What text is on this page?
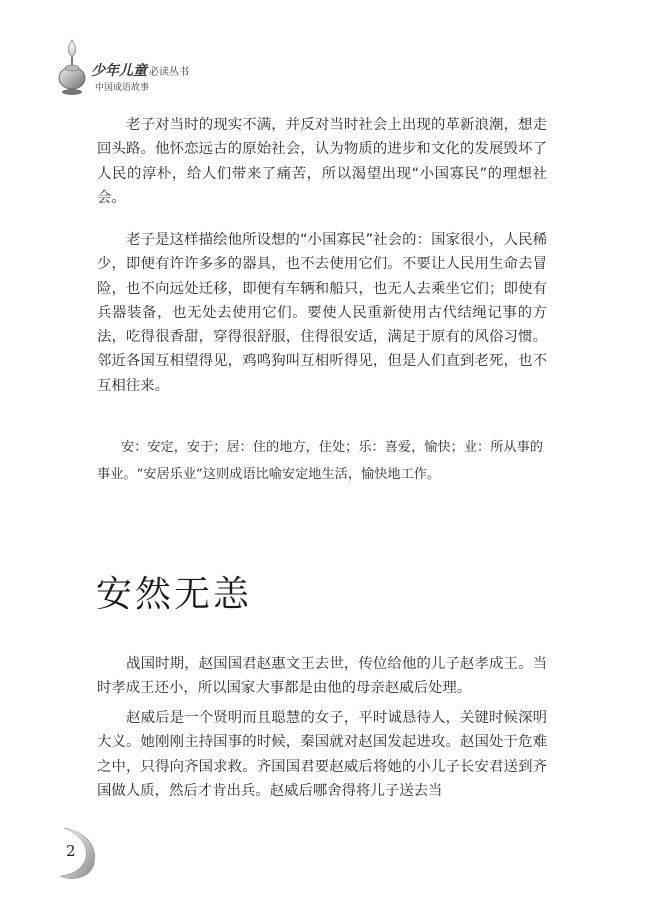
少年儿童 必读丛书
中国成语故事

老子对当时的现实不满，并反对当时社会上出现的革新浪潮，想走回头路。他怀恋远古的原始社会，认为物质的进步和文化的发展毁坏了人民的淳朴，给人们带来了痛苦，所以渴望出现“小国寡民”的理想社会。

老子是这样描绘他所设想的“小国寡民”社会的：国家很小，人民稀少，即便有许许多多的器具，也不去使用它们。不要让人民用生命去冒险，也不向远处迁移，即便有车辆和船只，也无人去乘坐它们；即使有兵器装备，也无处去使用它们。要使人民重新使用古代结绳记事的方法，吃得很香甜，穿得很舒服，住得很安适，满足于原有的风俗习惯。邻近各国互相望得见，鸡鸣狗叫互相听得见，但是人们直到老死，也不互相往来。

安：安定，安于；居：住的地方，住处；乐：喜爱，愉快；业：所从事的事业。“安居乐业”这则成语比喻安定地生活，愉快地工作。

安然无恙

战国时期，赵国国君赵惠文王去世，传位给他的儿子赵孝成王。当时孝成王还小，所以国家大事都是由他的母亲赵威后处理。

赵威后是一个贤明而且聪慧的女子，平时诚恳待人，关键时候深明大义。她刚刚主持国事的时候，秦国就对赵国发起进攻。赵国处于危难之中，只得向齐国求救。齐国国君要赵威后将她的小儿子长安君送到齐国做人质，然后才肯出兵。赵威后哪舍得将儿子送去当

2
